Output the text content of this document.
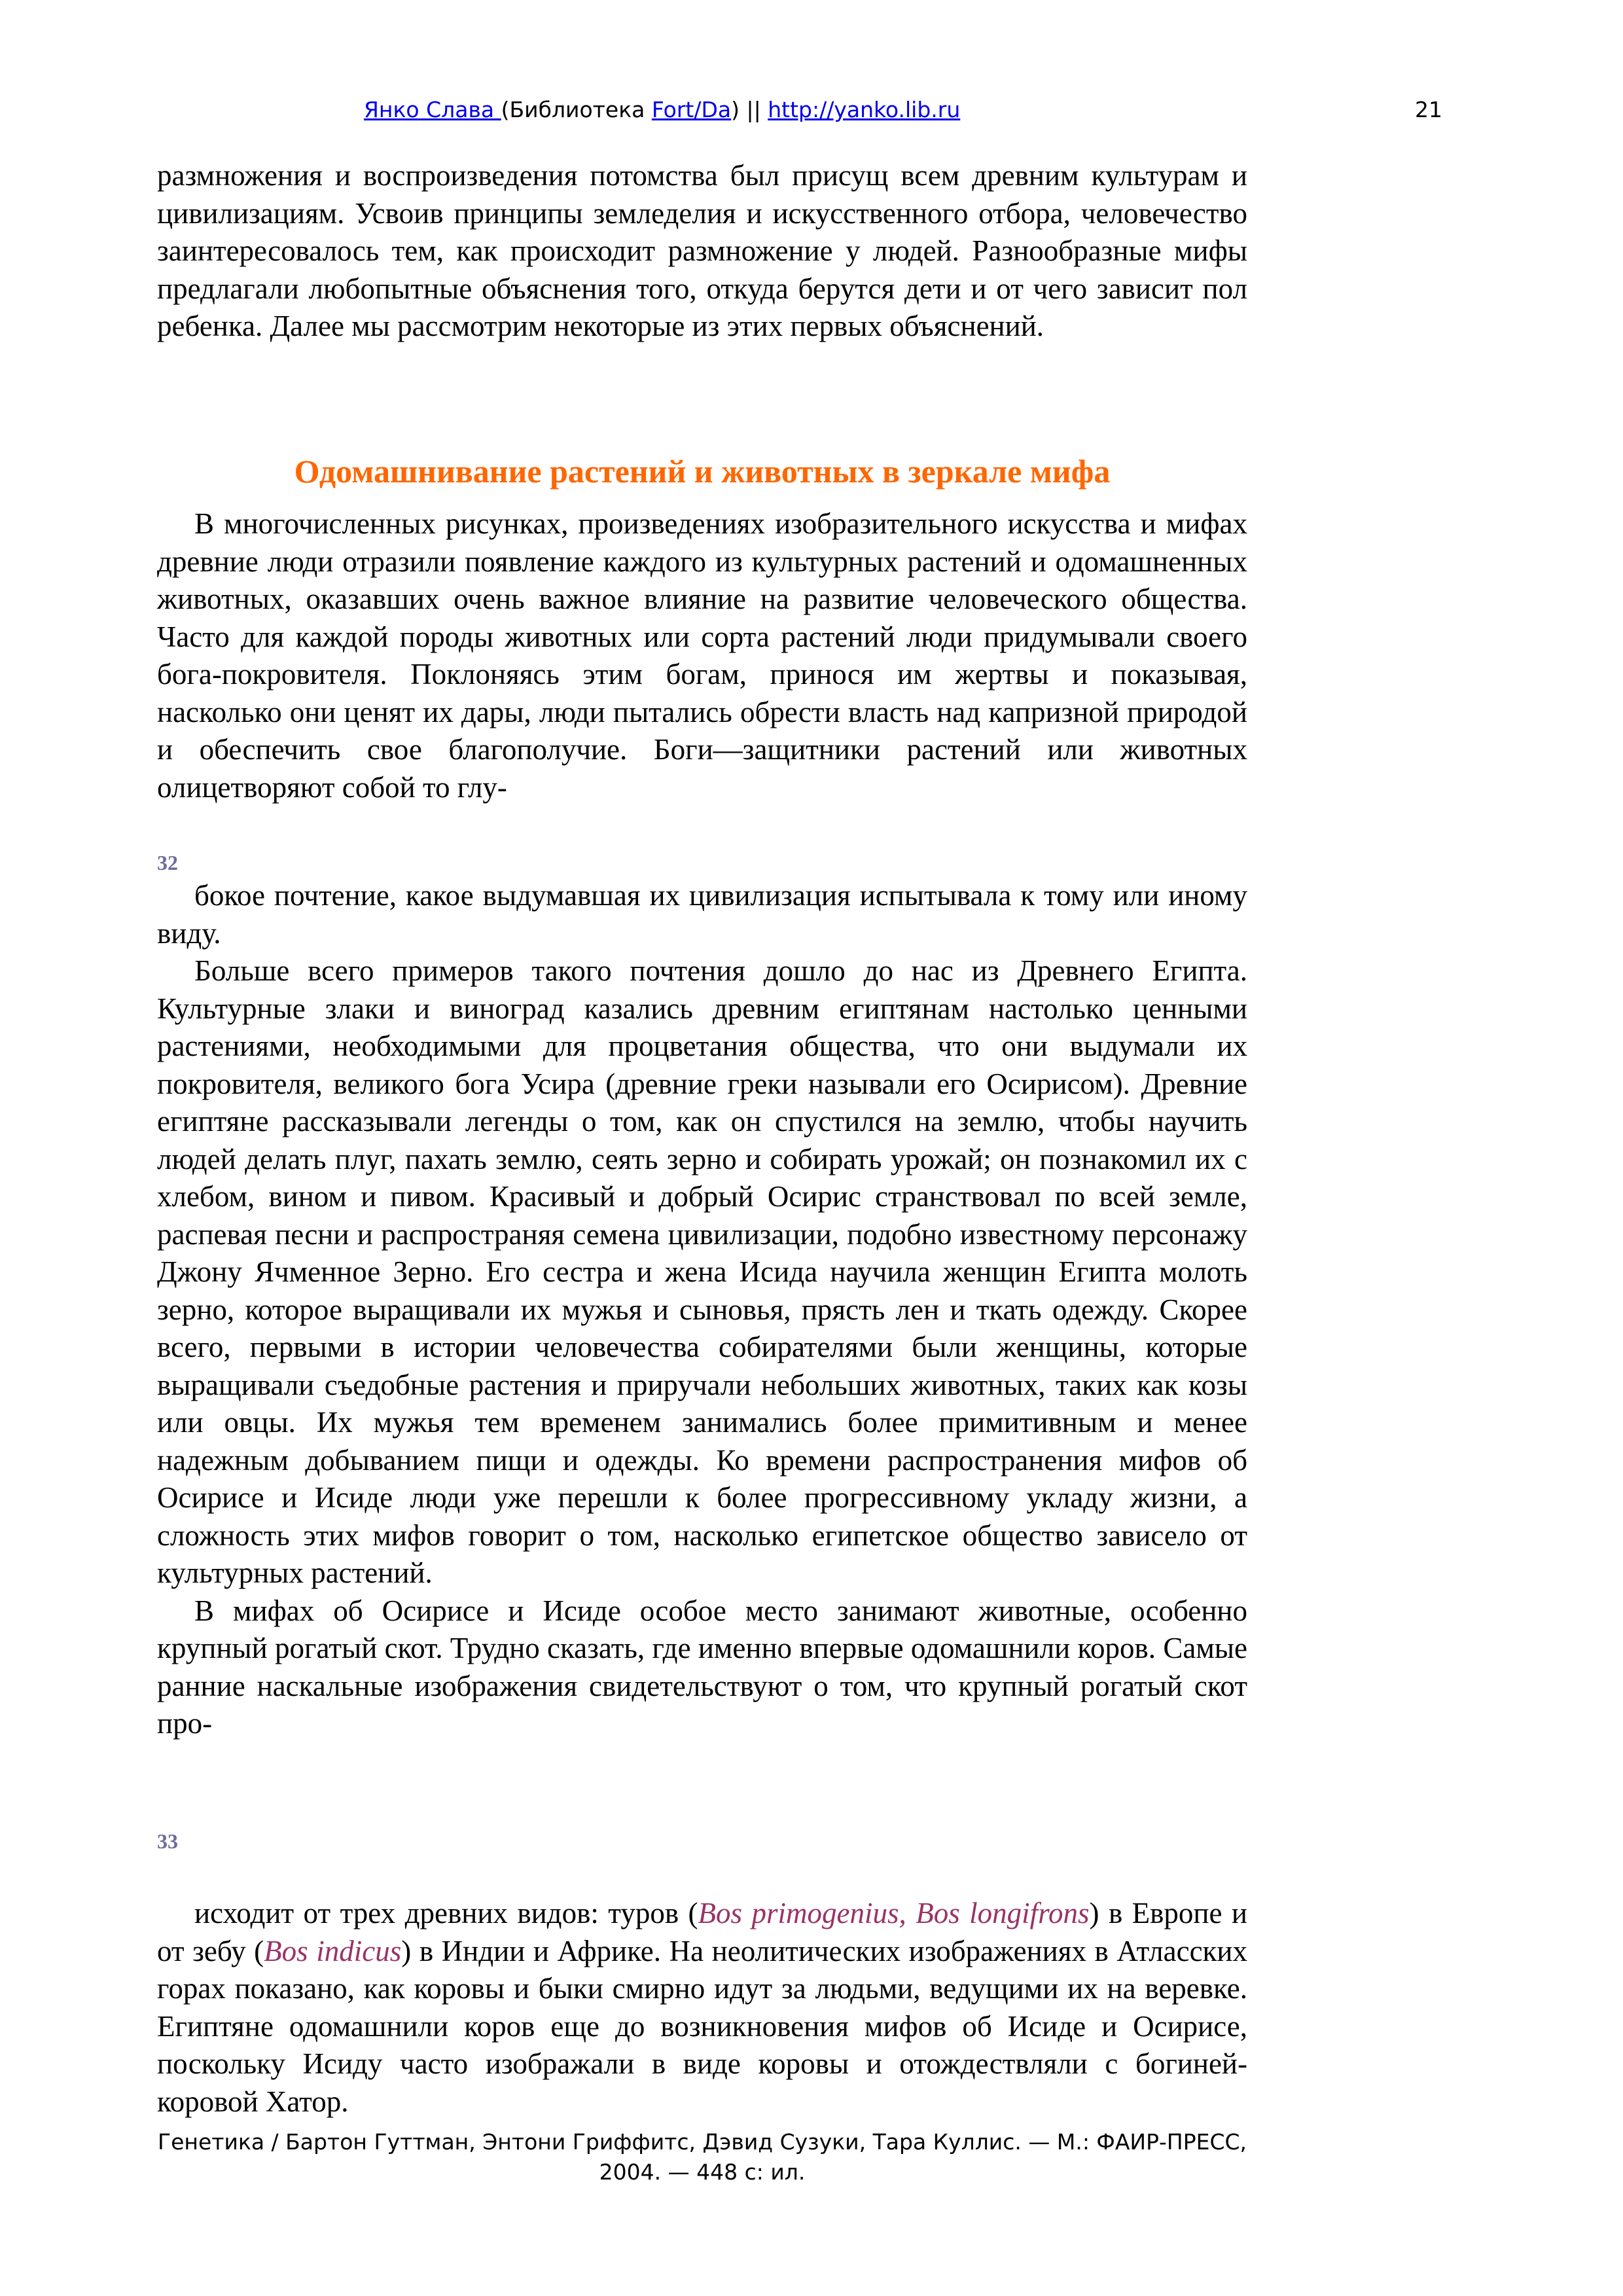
Янко Слава (Библиотека Fort/Da) || http://yanko.lib.ru	21

размножения и воспроизведения потомства был присущ всем древним культурам и цивилизациям. Усвоив принципы земледелия и искусственного отбора, человечество заинтересовалось тем, как происходит размножение у людей. Разнообразные мифы предлагали любопытные объяснения того, откуда берутся дети и от чего зависит пол ребенка. Далее мы рассмотрим некоторые из этих первых объяснений.

Одомашнивание растений и животных в зеркале мифа

В многочисленных рисунках, произведениях изобразительного искусства и мифах древние люди отразили появление каждого из культурных растений и одомашненных животных, оказавших очень важное влияние на развитие человеческого общества. Часто для каждой породы животных или сорта растений люди придумывали своего бога-покровителя. Поклоняясь этим богам, принося им жертвы и показывая, насколько они ценят их дары, люди пытались обрести власть над капризной природой и обеспечить свое благополучие. Боги—защитники растений или животных олицетворяют собой то глу-

32

бокое почтение, какое выдумавшая их цивилизация испытывала к тому или иному виду.

Больше всего примеров такого почтения дошло до нас из Древнего Египта. Культурные злаки и виноград казались древним египтянам настолько ценными растениями, необходимыми для процветания общества, что они выдумали их покровителя, великого бога Усира (древние греки называли его Осирисом). Древние египтяне рассказывали легенды о том, как он спустился на землю, чтобы научить людей делать плуг, пахать землю, сеять зерно и собирать урожай; он познакомил их с хлебом, вином и пивом. Красивый и добрый Осирис странствовал по всей земле, распевая песни и распространяя семена цивилизации, подобно известному персонажу Джону Ячменное Зерно. Его сестра и жена Исида научила женщин Египта молоть зерно, которое выращивали их мужья и сыновья, прясть лен и ткать одежду. Скорее всего, первыми в истории человечества собирателями были женщины, которые выращивали съедобные растения и приручали небольших животных, таких как козы или овцы. Их мужья тем временем занимались более примитивным и менее надежным добыванием пищи и одежды. Ко времени распространения мифов об Осирисе и Исиде люди уже перешли к более прогрессивному укладу жизни, а сложность этих мифов говорит о том, насколько египетское общество зависело от культурных растений.

В мифах об Осирисе и Исиде особое место занимают животные, особенно крупный рогатый скот. Трудно сказать, где именно впервые одомашнили коров. Самые ранние наскальные изображения свидетельствуют о том, что крупный рогатый скот про-

33

исходит от трех древних видов: туров (Bos primogenius, Bos longifrons) в Европе и от зебу (Bos indicus) в Индии и Африке. На неолитических изображениях в Атласских горах показано, как коровы и быки смирно идут за людьми, ведущими их на веревке. Египтяне одомашнили коров еще до возникновения мифов об Исиде и Осирисе, поскольку Исиду часто изображали в виде коровы и отождествляли с богиней-коровой Хатор.

Генетика / Бартон Гуттман, Энтони Гриффитс, Дэвид Сузуки, Тара Куллис. — М.: ФАИР-ПРЕСС, 2004. — 448 с: ил.
